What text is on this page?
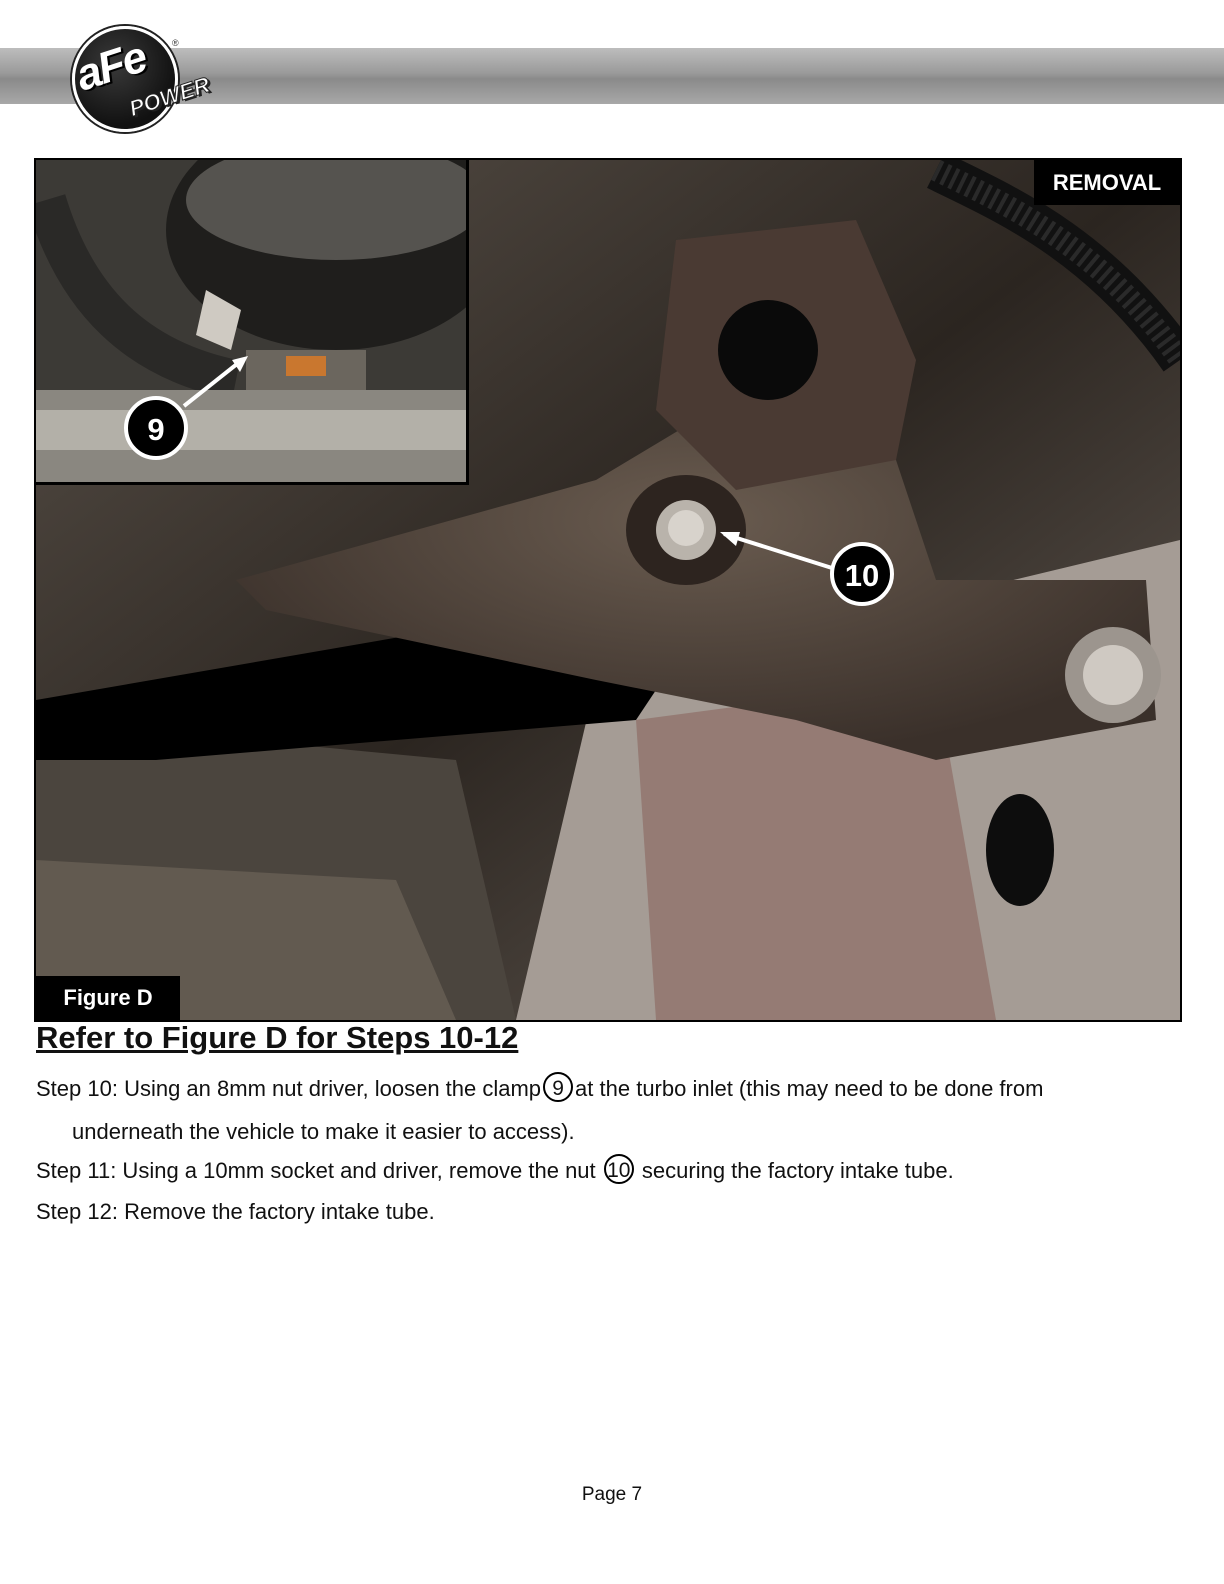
aFe
POWER
®
10
9
REMOVAL
Figure D
Refer to Figure D for Steps 10-12
Step 10: Using an 8mm nut driver, loosen the clamp 9 at the turbo inlet (this may need to be done from
underneath the vehicle to make it easier to access).
Step 11: Using a 10mm socket and driver, remove the nut 10 securing the factory intake tube.
Step 12: Remove the factory intake tube.
Page 7
